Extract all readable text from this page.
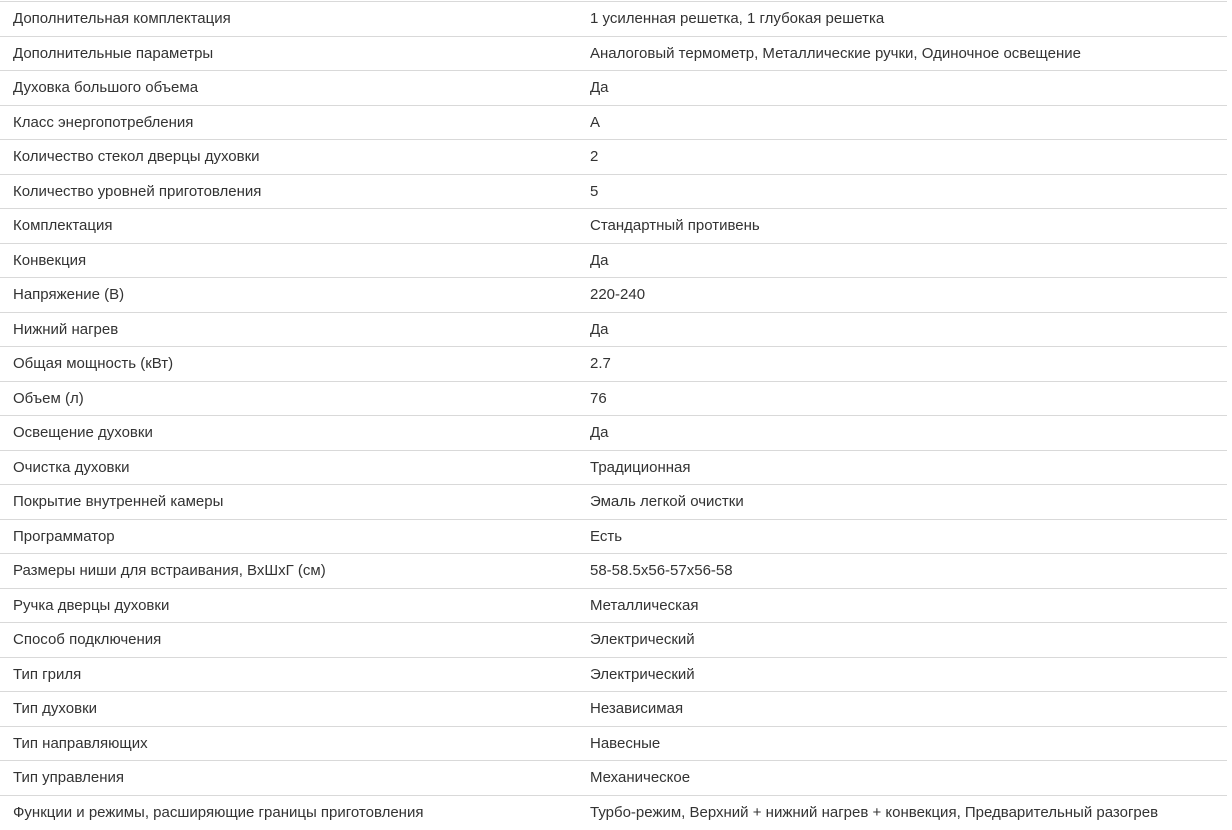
Дополнительная комплектация	1 усиленная решетка, 1 глубокая решетка
Дополнительные параметры	Аналоговый термометр, Металлические ручки, Одиночное освещение
Духовка большого объема	Да
Класс энергопотребления	А
Количество стекол дверцы духовки	2
Количество уровней приготовления	5
Комплектация	Стандартный противень
Конвекция	Да
Напряжение (В)	220-240
Нижний нагрев	Да
Общая мощность (кВт)	2.7
Объем (л)	76
Освещение духовки	Да
Очистка духовки	Традиционная
Покрытие внутренней камеры	Эмаль легкой очистки
Программатор	Есть
Размеры ниши для встраивания, ВхШхГ (см)	58-58.5x56-57x56-58
Ручка дверцы духовки	Металлическая
Способ подключения	Электрический
Тип гриля	Электрический
Тип духовки	Независимая
Тип направляющих	Навесные
Тип управления	Механическое
Функции и режимы, расширяющие границы приготовления	Турбо-режим, Верхний + нижний нагрев + конвекция, Предварительный разогрев
